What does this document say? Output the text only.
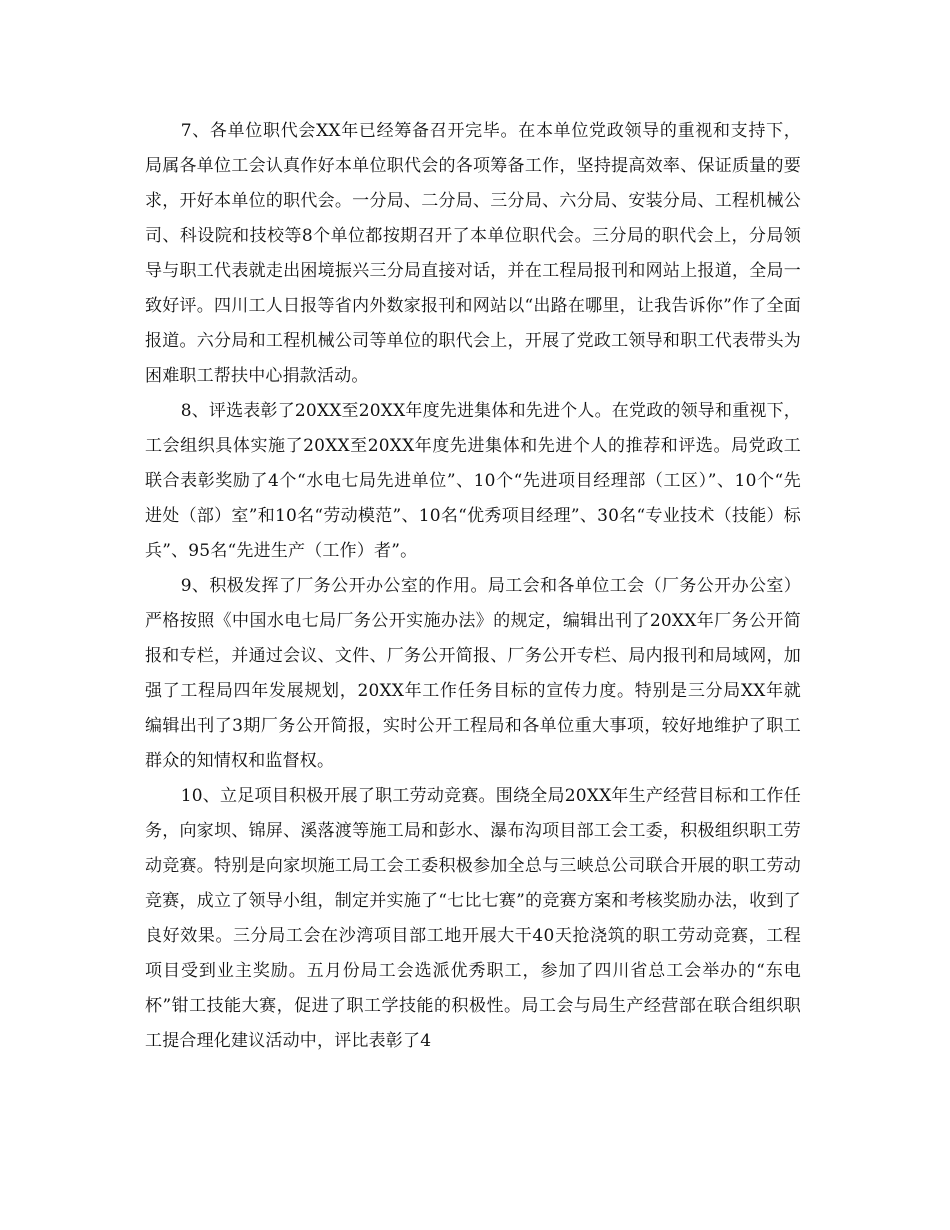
7、各单位职代会XX年已经筹备召开完毕。在本单位党政领导的重视和支持下，局属各单位工会认真作好本单位职代会的各项筹备工作，坚持提高效率、保证质量的要求，开好本单位的职代会。一分局、二分局、三分局、六分局、安装分局、工程机械公司、科设院和技校等8个单位都按期召开了本单位职代会。三分局的职代会上，分局领导与职工代表就走出困境振兴三分局直接对话，并在工程局报刊和网站上报道，全局一致好评。四川工人日报等省内外数家报刊和网站以“出路在哪里，让我告诉你”作了全面报道。六分局和工程机械公司等单位的职代会上，开展了党政工领导和职工代表带头为困难职工帮扶中心捐款活动。

8、评选表彰了20XX至20XX年度先进集体和先进个人。在党政的领导和重视下，工会组织具体实施了20XX至20XX年度先进集体和先进个人的推荐和评选。局党政工联合表彰奖励了4个“水电七局先进单位”、10个“先进项目经理部（工区）”、10个“先进处（部）室”和10名“劳动模范”、10名“优秀项目经理”、30名“专业技术（技能）标兵”、95名“先进生产（工作）者”。

9、积极发挥了厂务公开办公室的作用。局工会和各单位工会（厂务公开办公室）严格按照《中国水电七局厂务公开实施办法》的规定，编辑出刊了20XX年厂务公开简报和专栏，并通过会议、文件、厂务公开简报、厂务公开专栏、局内报刊和局域网，加强了工程局四年发展规划，20XX年工作任务目标的宣传力度。特别是三分局XX年就编辑出刊了3期厂务公开简报，实时公开工程局和各单位重大事项，较好地维护了职工群众的知情权和监督权。

10、立足项目积极开展了职工劳动竞赛。围绕全局20XX年生产经营目标和工作任务，向家坝、锦屏、溪落渡等施工局和彭水、瀑布沟项目部工会工委，积极组织职工劳动竞赛。特别是向家坝施工局工会工委积极参加全总与三峡总公司联合开展的职工劳动竞赛，成立了领导小组，制定并实施了“七比七赛”的竞赛方案和考核奖励办法，收到了良好效果。三分局工会在沙湾项目部工地开展大干40天抢浇筑的职工劳动竞赛，工程项目受到业主奖励。五月份局工会选派优秀职工，参加了四川省总工会举办的“东电杯”钳工技能大赛，促进了职工学技能的积极性。局工会与局生产经营部在联合组织职工提合理化建议活动中，评比表彰了4
